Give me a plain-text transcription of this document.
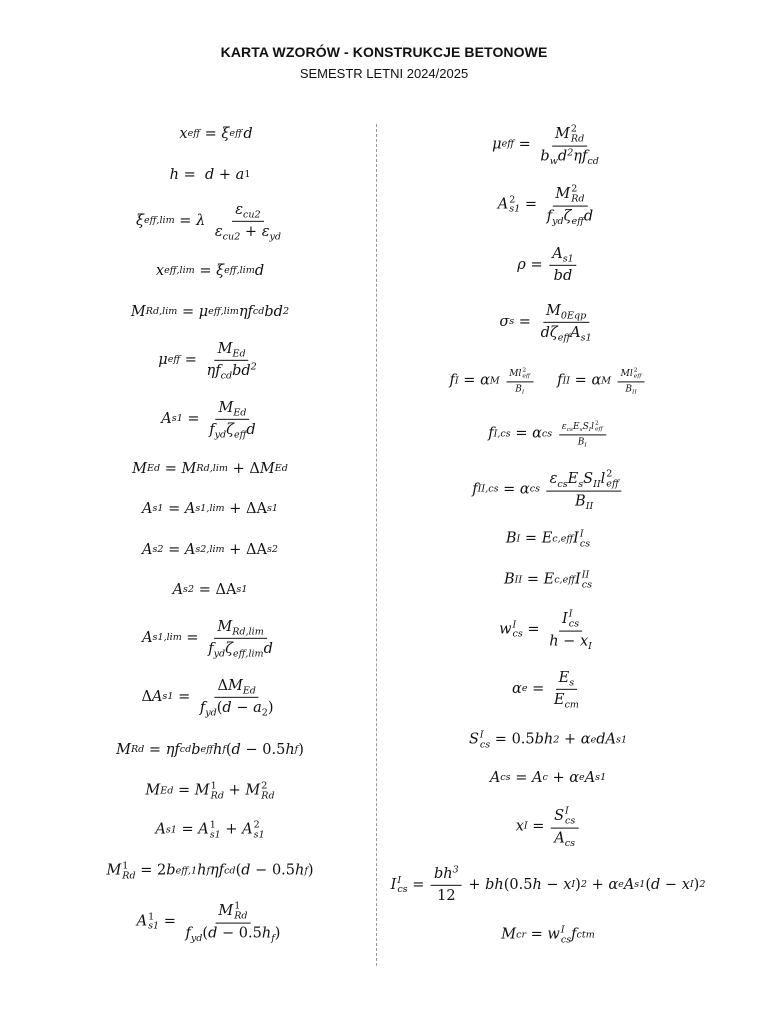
KARTA WZORÓW - KONSTRUKCJE BETONOWE
SEMESTR LETNI 2024/2025
x eff = ξ eff
  d
h =
d + a 1
ξ eff,lim = λ
$\frac{\varepsilon_{cu2}}{\varepsilon_{cu2} + \varepsilon_{yd}}$
x eff,lim = ξ eff,lim d
M Rd,lim = μ eff,lim η f cd bd 2
μ eff = $\frac{M_{Ed}}{\eta f_{cd}bd^2}$
A $s1 = \frac{M_{Ed}}{f_{yd}\zeta_{eff}d}$
M Ed = M Rd,lim + Δ M Ed
A s1 = A s1,lim + ΔA s1
A s2 = A s2,lim + ΔA s2
A s2 = ΔA s1
A $s1,\lim = \frac{M_{Rd,lim}}{f_{yd}\zeta_{eff,lim}d}$
Δ A $s1 = \frac{\Delta M_{Ed}}{f_{yd}(d - a_2)}$
M Rd = η f cd b eff h f ( d − 0.5 h f )
M Ed = M 1
Rd + M 2
Rd
A s1 = A 1
s1 + A 2
s1
M 1
Rd = 2 b eff,1 h f η f cd ( d − 0.5 h f )
A 1
s1 = M 1
Rd
$f_{yd}(d - 0.5h_f)$
μ eff = M 2
Rd
$b_wd^2\eta f_{cd}$
A 2
s1 = M 2
Rd
$f_{yd}\zeta_{eff}d$
$\rho = \frac{A_{s1}}{bd}$
σ $s = \frac{M_{0Eqp}}{d\zeta_{eff}A_{s1}}$
f I = α M
Ml 2
eff
$B_I$ f II = α M
Ml 2
eff
$B_{II}$
f I,cs = α cs
$\varepsilon_{cs}E_sS_Il$ 2
eff
$B_I$
f II,cs = α cs
$\varepsilon_{cs}E_sS_{II}l$ 2
eff
$B_{II}$
B I = E c,eff I I
cs
B II = E c,eff I II
cs
w I
cs = I I
cs
$h - x_I$
α $e = \frac{E_s}{E_{cm}}$
S I
cs = 0.5 bh 2 + α e d A s1
A cs = A c + α e A s1
x I = S I
cs
$A_{cs}$
I I
cs = $\frac{bh^3}{12}$ + bh (0.5 h − x I ) 2 + α e A s1 ( d − x I ) 2
M cr = w I
cs f ctm
